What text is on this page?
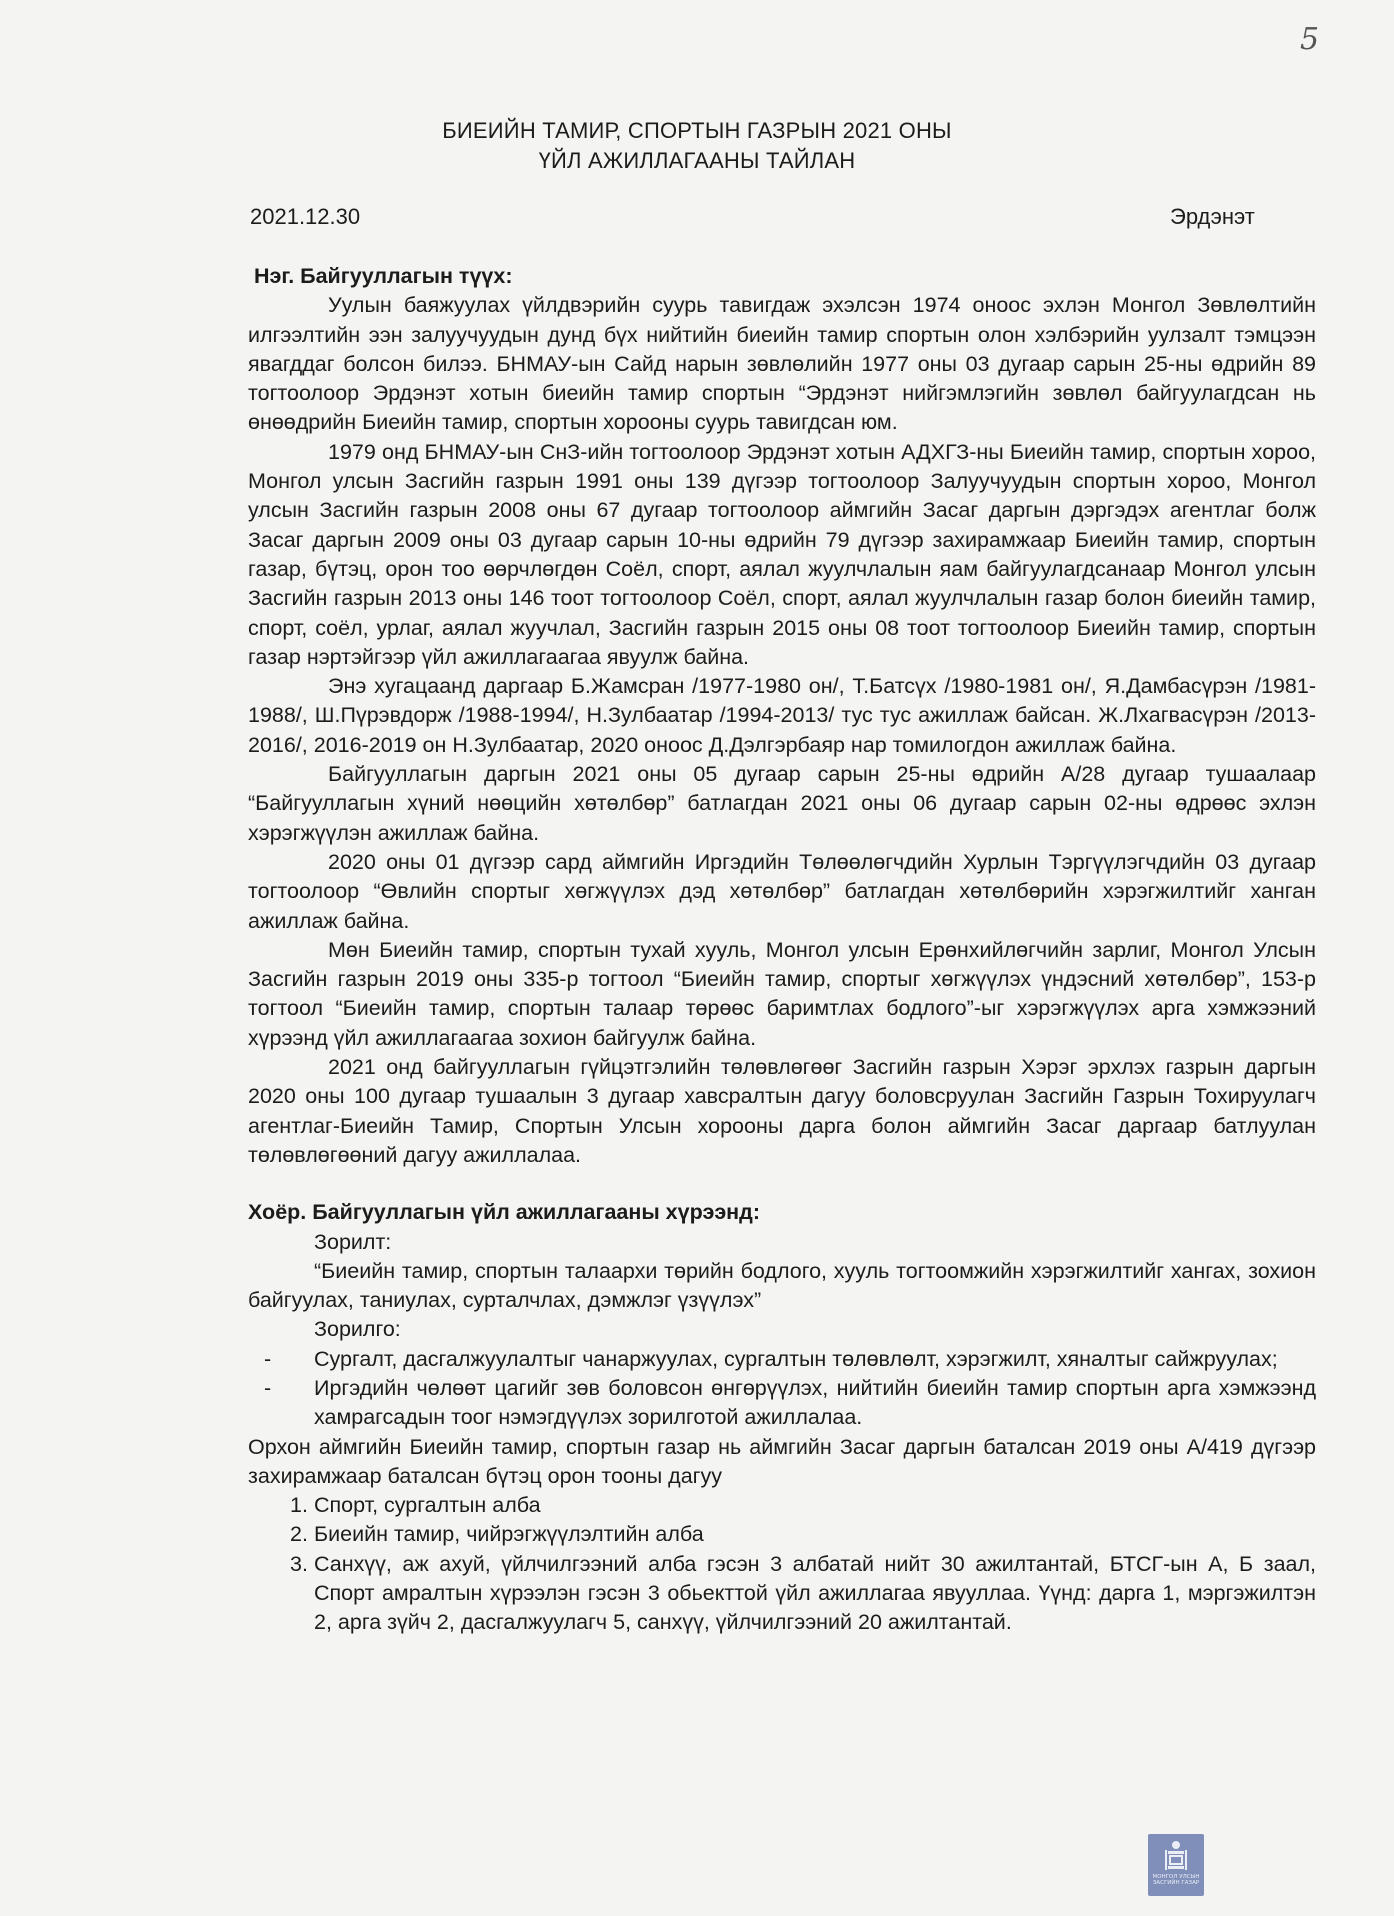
5
БИЕИЙН ТАМИР, СПОРТЫН ГАЗРЫН 2021 ОНЫ
ҮЙЛ АЖИЛЛАГААНЫ ТАЙЛАН
2021.12.30	Эрдэнэт

Нэг. Байгууллагын түүх:

Уулын баяжуулах үйлдвэрийн суурь тавигдаж эхэлсэн 1974 оноос эхлэн Монгол Зөвлөлтийн илгээлтийн ээн залуучуудын дунд бүх нийтийн биеийн тамир спортын олон хэлбэрийн уулзалт тэмцээн явагддаг болсон билээ. БНМАУ-ын Сайд нарын зөвлөлийн 1977 оны 03 дугаар сарын 25-ны өдрийн 89 тогтоолоор Эрдэнэт хотын биеийн тамир спортын “Эрдэнэт нийгэмлэгийн зөвлөл байгуулагдсан нь өнөөдрийн Биеийн тамир, спортын хорооны суурь тавигдсан юм.

1979 онд БНМАУ-ын СнЗ-ийн тогтоолоор Эрдэнэт хотын АДХГЗ-ны Биеийн тамир, спортын хороо, Монгол улсын Засгийн газрын 1991 оны 139 дүгээр тогтоолоор Залуучуудын спортын хороо, Монгол улсын Засгийн газрын 2008 оны 67 дугаар тогтоолоор аймгийн Засаг даргын дэргэдэх агентлаг болж Засаг даргын 2009 оны 03 дугаар сарын 10-ны өдрийн 79 дүгээр захирамжаар Биеийн тамир, спортын газар, бүтэц, орон тоо өөрчлөгдөн Соёл, спорт, аялал жуулчлалын яам байгуулагдсанаар Монгол улсын Засгийн газрын 2013 оны 146 тоот тогтоолоор Соёл, спорт, аялал жуулчлалын газар болон биеийн тамир, спорт, соёл, урлаг, аялал жуучлал, Засгийн газрын 2015 оны 08 тоот тогтоолоор Биеийн тамир, спортын газар нэртэйгээр үйл ажиллагаагаа явуулж байна.

Энэ хугацаанд даргаар Б.Жамсран /1977-1980 он/, Т.Батсүх /1980-1981 он/, Я.Дамбасүрэн /1981-1988/, Ш.Пүрэвдорж /1988-1994/, Н.Зулбаатар /1994-2013/ тус тус ажиллаж байсан. Ж.Лхагвасүрэн /2013-2016/, 2016-2019 он Н.Зулбаатар, 2020 оноос Д.Дэлгэрбаяр нар томилогдон ажиллаж байна.

Байгууллагын даргын 2021 оны 05 дугаар сарын 25-ны өдрийн А/28 дугаар тушаалаар “Байгууллагын хүний нөөцийн хөтөлбөр” батлагдан 2021 оны 06 дугаар сарын 02-ны өдрөөс эхлэн хэрэгжүүлэн ажиллаж байна.

2020 оны 01 дүгээр сард аймгийн Иргэдийн Төлөөлөгчдийн Хурлын Тэргүүлэгчдийн 03 дугаар тогтоолоор “Өвлийн спортыг хөгжүүлэх дэд хөтөлбөр” батлагдан хөтөлбөрийн хэрэгжилтийг ханган ажиллаж байна.

Мөн Биеийн тамир, спортын тухай хууль, Монгол улсын Ерөнхийлөгчийн зарлиг, Монгол Улсын Засгийн газрын 2019 оны 335-р тогтоол “Биеийн тамир, спортыг хөгжүүлэх үндэсний хөтөлбөр”, 153-р тогтоол “Биеийн тамир, спортын талаар төрөөс баримтлах бодлого”-ыг хэрэгжүүлэх арга хэмжээний хүрээнд үйл ажиллагаагаа зохион байгуулж байна.

2021 онд байгууллагын гүйцэтгэлийн төлөвлөгөөг Засгийн газрын Хэрэг эрхлэх газрын даргын 2020 оны 100 дугаар тушаалын 3 дугаар хавсралтын дагуу боловсруулан Засгийн Газрын Тохируулагч агентлаг-Биеийн Тамир, Спортын Улсын хорооны дарга болон аймгийн Засаг даргаар батлуулан төлөвлөгөөний дагуу ажиллалаа.

Хоёр. Байгууллагын үйл ажиллагааны хүрээнд:

Зорилт:

“Биеийн тамир, спортын талаархи төрийн бодлого, хууль тогтоомжийн хэрэгжилтийг хангах, зохион байгуулах, таниулах, сурталчлах, дэмжлэг үзүүлэх”

Зорилго:

-	Сургалт, дасгалжуулалтыг чанаржуулах, сургалтын төлөвлөлт, хэрэгжилт, хяналтыг сайжруулах;
-	Иргэдийн чөлөөт цагийг зөв боловсон өнгөрүүлэх, нийтийн биеийн тамир спортын арга хэмжээнд хамрагсадын тоог нэмэгдүүлэх зорилготой ажиллалаа.

Орхон аймгийн Биеийн тамир, спортын газар нь аймгийн Засаг даргын баталсан 2019 оны А/419 дүгээр захирамжаар баталсан бүтэц орон тооны дагуу

1. Спорт, сургалтын алба
2. Биеийн тамир, чийрэгжүүлэлтийн алба
3. Санхүү, аж ахуй, үйлчилгээний алба гэсэн 3 албатай нийт 30 ажилтантай, БТСГ-ын А, Б заал, Спорт амралтын хүрээлэн гэсэн 3 обьекттой үйл ажиллагаа явууллаа. Үүнд: дарга 1, мэргэжилтэн 2, арга зүйч 2, дасгалжуулагч 5, санхүү, үйлчилгээний 20 ажилтантай.
МОНГОЛ УЛСЫН
ЗАСГИЙН ГАЗАР
